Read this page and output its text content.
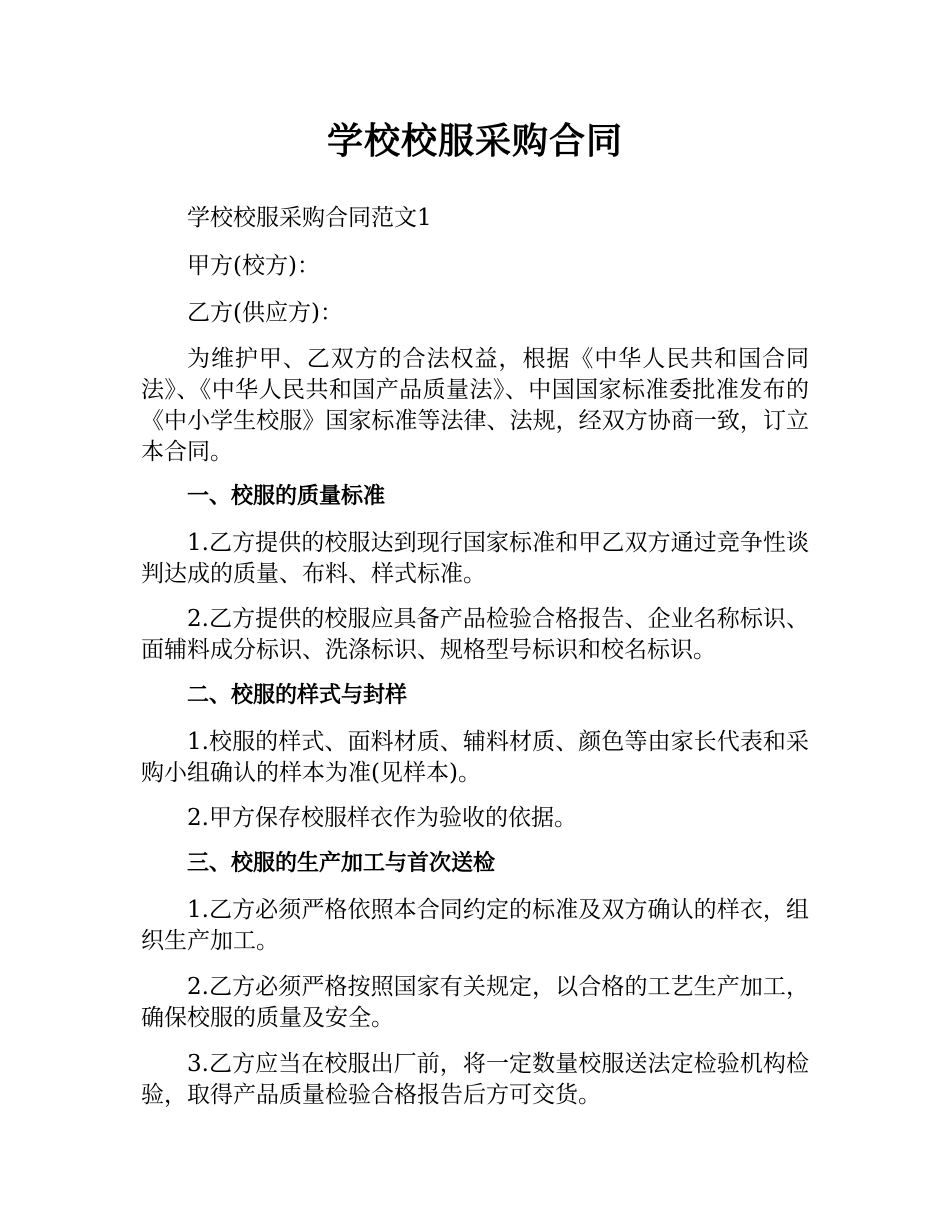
学校校服采购合同

学校校服采购合同范文1

甲方(校方)：

乙方(供应方)：

为维护甲、乙双方的合法权益，根据《中华人民共和国合同法》、《中华人民共和国产品质量法》、中国国家标准委批准发布的《中小学生校服》国家标准等法律、法规，经双方协商一致，订立本合同。

一、校服的质量标准

1.乙方提供的校服达到现行国家标准和甲乙双方通过竞争性谈判达成的质量、布料、样式标准。

2.乙方提供的校服应具备产品检验合格报告、企业名称标识、面辅料成分标识、洗涤标识、规格型号标识和校名标识。

二、校服的样式与封样

1.校服的样式、面料材质、辅料材质、颜色等由家长代表和采购小组确认的样本为准(见样本)。

2.甲方保存校服样衣作为验收的依据。

三、校服的生产加工与首次送检

1.乙方必须严格依照本合同约定的标准及双方确认的样衣，组织生产加工。

2.乙方必须严格按照国家有关规定，以合格的工艺生产加工，确保校服的质量及安全。

3.乙方应当在校服出厂前，将一定数量校服送法定检验机构检验，取得产品质量检验合格报告后方可交货。
